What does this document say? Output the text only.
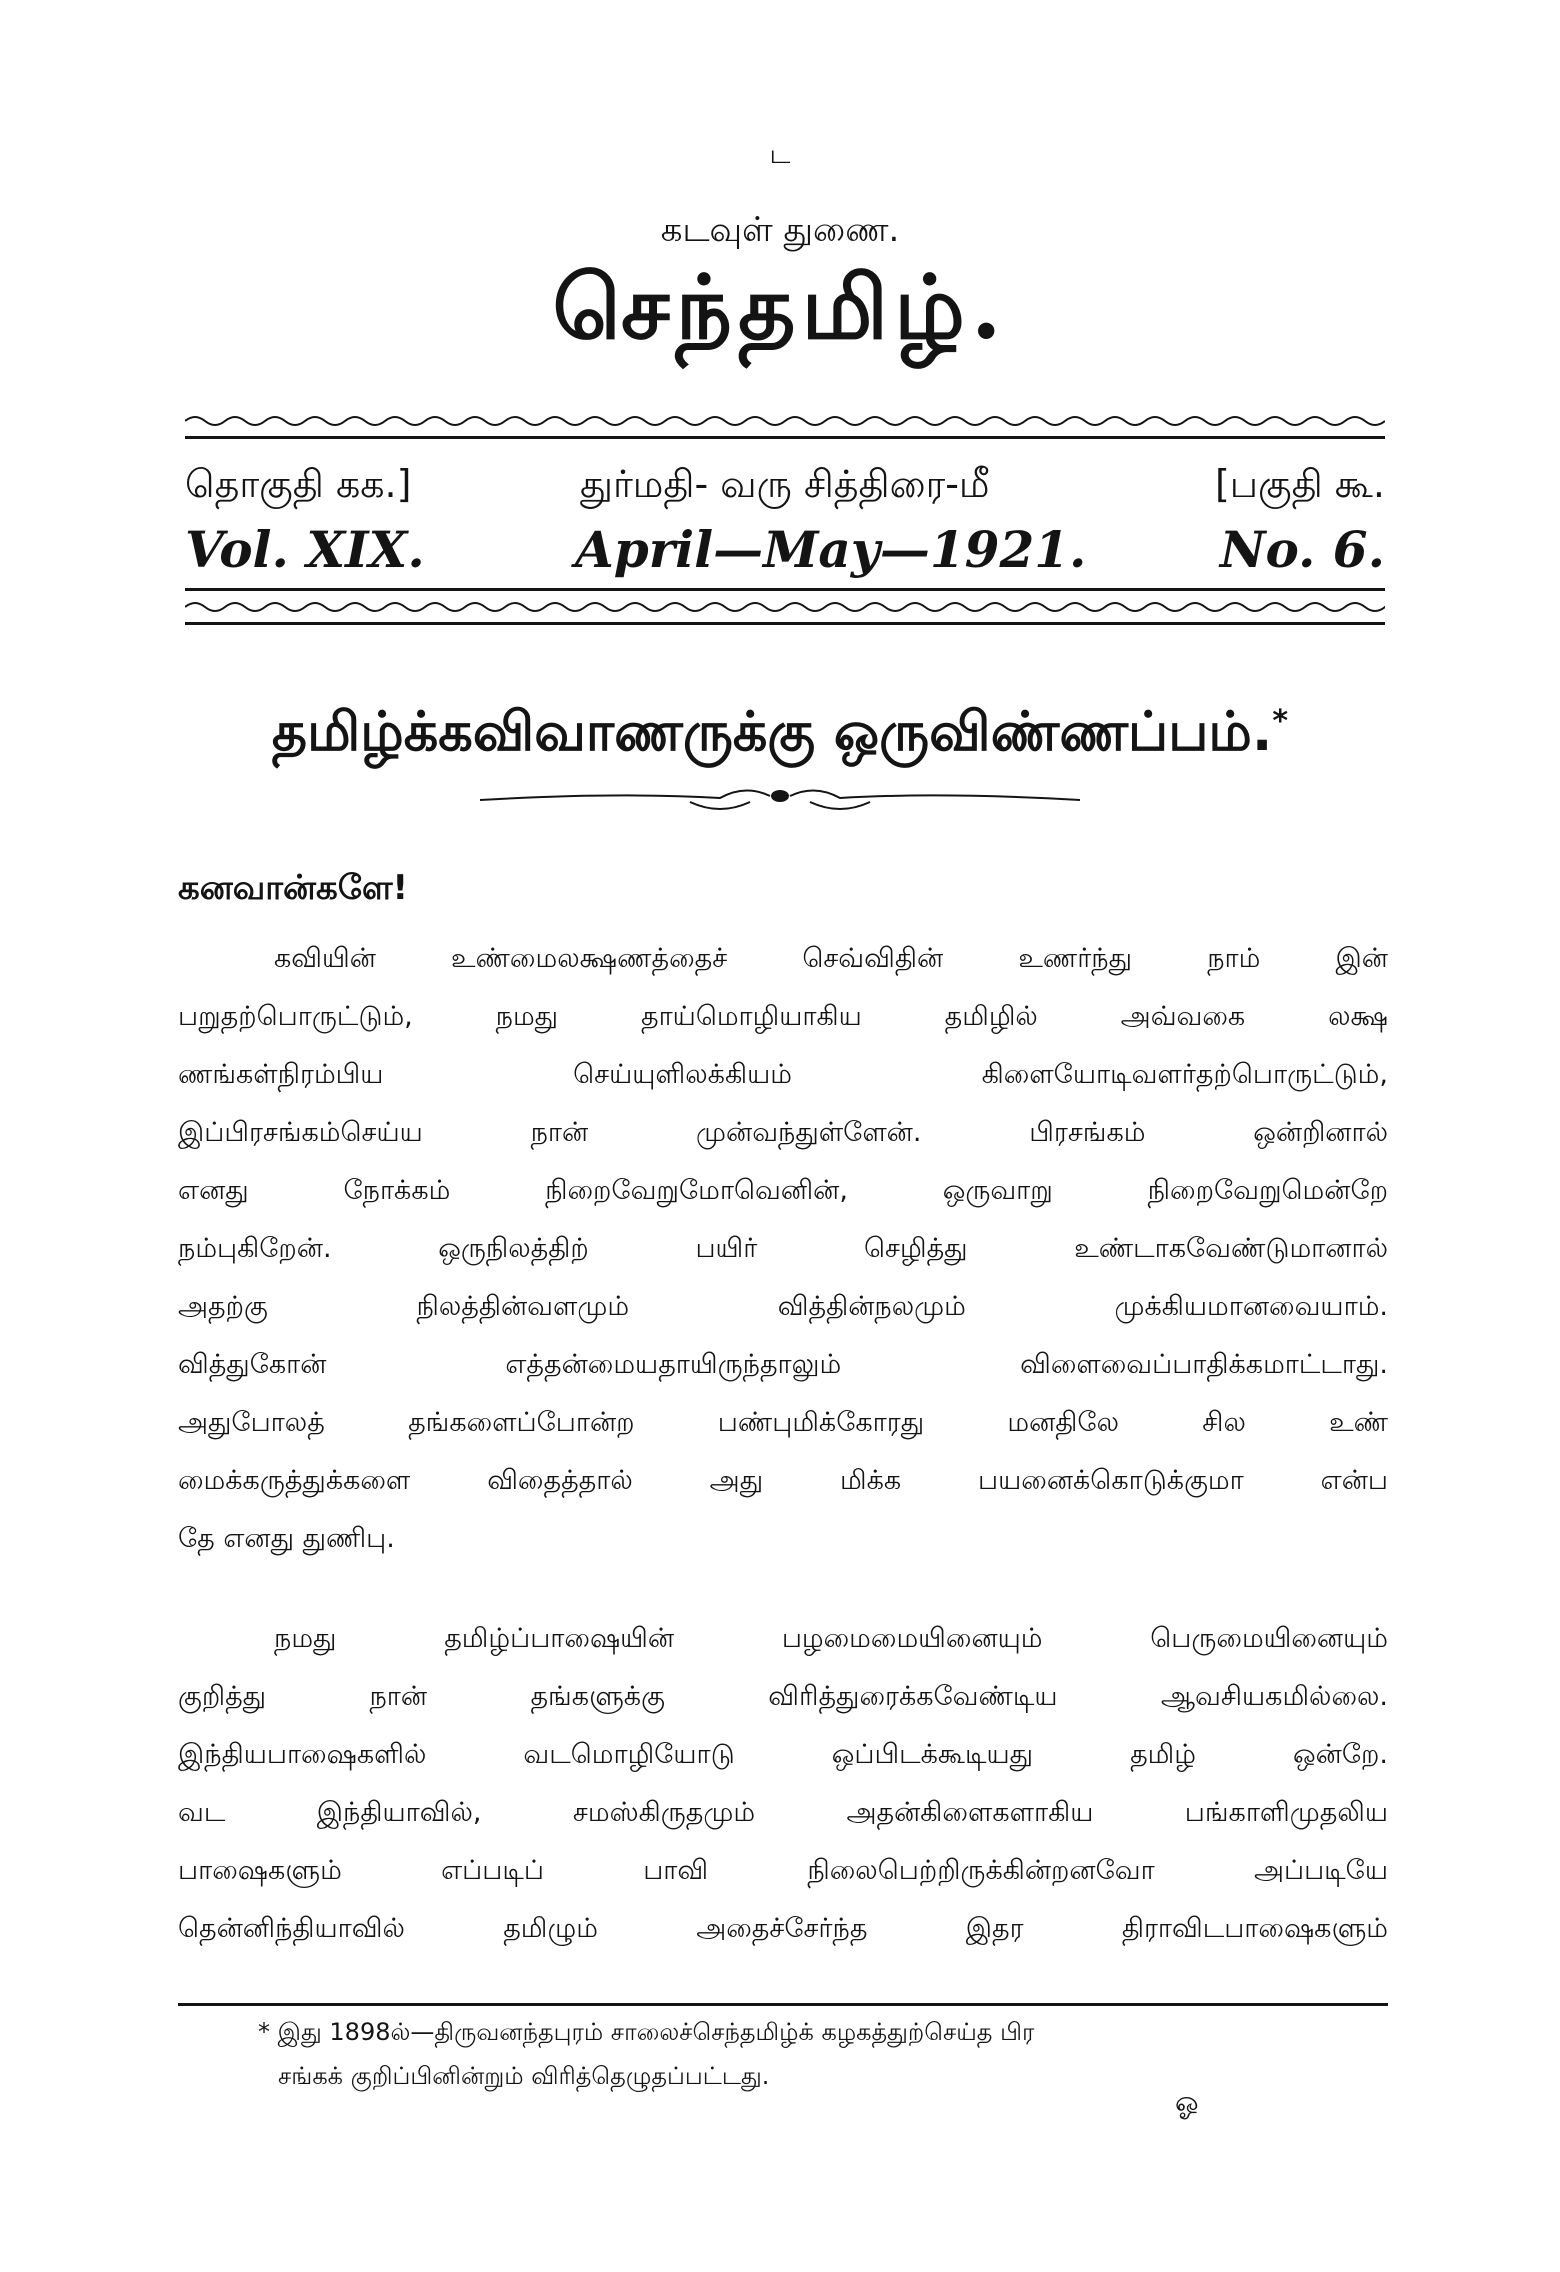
ட
கடவுள் துணை.
செந்தமிழ்.
தொகுதி கக.]	துர்மதி- வரு சித்திரை-மீ	[பகுதி கூ.
Vol. XIX.	April—May—1921.	No. 6.
தமிழ்க்கவிவாணருக்கு ஒருவிண்ணப்பம்.*
கனவான்களே!
கவியின் உண்மைலக்ஷணத்தைச் செவ்விதின் உணர்ந்து நாம் இன்
பறுதற்பொருட்டும், நமது தாய்மொழியாகிய தமிழில் அவ்வகை லக்ஷ
ணங்கள்நிரம்பிய செய்யுளிலக்கியம் கிளையோடிவளர்தற்பொருட்டும்,
இப்பிரசங்கம்செய்ய நான் முன்வந்துள்ளேன். பிரசங்கம் ஒன்றினால்
எனது நோக்கம் நிறைவேறுமோவெனின், ஒருவாறு நிறைவேறுமென்றே
நம்புகிறேன். ஒருநிலத்திற் பயிர் செழித்து உண்டாகவேண்டுமானால்
அதற்கு நிலத்தின்வளமும் வித்தின்நலமும் முக்கியமானவையாம்.
வித்துகோன் எத்தன்மையதாயிருந்தாலும் விளைவைப்பாதிக்கமாட்டாது.
அதுபோலத் தங்களைப்போன்ற பண்புமிக்கோரது மனதிலே சில உண்
மைக்கருத்துக்களை விதைத்தால் அது மிக்க பயனைக்கொடுக்குமா என்ப
தே எனது துணிபு.
நமது தமிழ்ப்பாஷையின் பழமைமையினையும் பெருமையினையும்
குறித்து நான் தங்களுக்கு விரித்துரைக்கவேண்டிய ஆவசியகமில்லை.
இந்தியபாஷைகளில் வடமொழியோடு ஒப்பிடக்கூடியது தமிழ் ஒன்றே.
வட இந்தியாவில், சமஸ்கிருதமும் அதன்கிளைகளாகிய பங்காளிமுதலிய
பாஷைகளும் எப்படிப் பாவி நிலைபெற்றிருக்கின்றனவோ அப்படியே
தென்னிந்தியாவில் தமிழும் அதைச்சேர்ந்த இதர திராவிடபாஷைகளும்
* இது 1898ல்—திருவனந்தபுரம் சாலைச்செந்தமிழ்க் கழகத்துற்செய்த பிர
சங்கக் குறிப்பினின்றும் விரித்தெழுதப்பட்டது.
ஓ
